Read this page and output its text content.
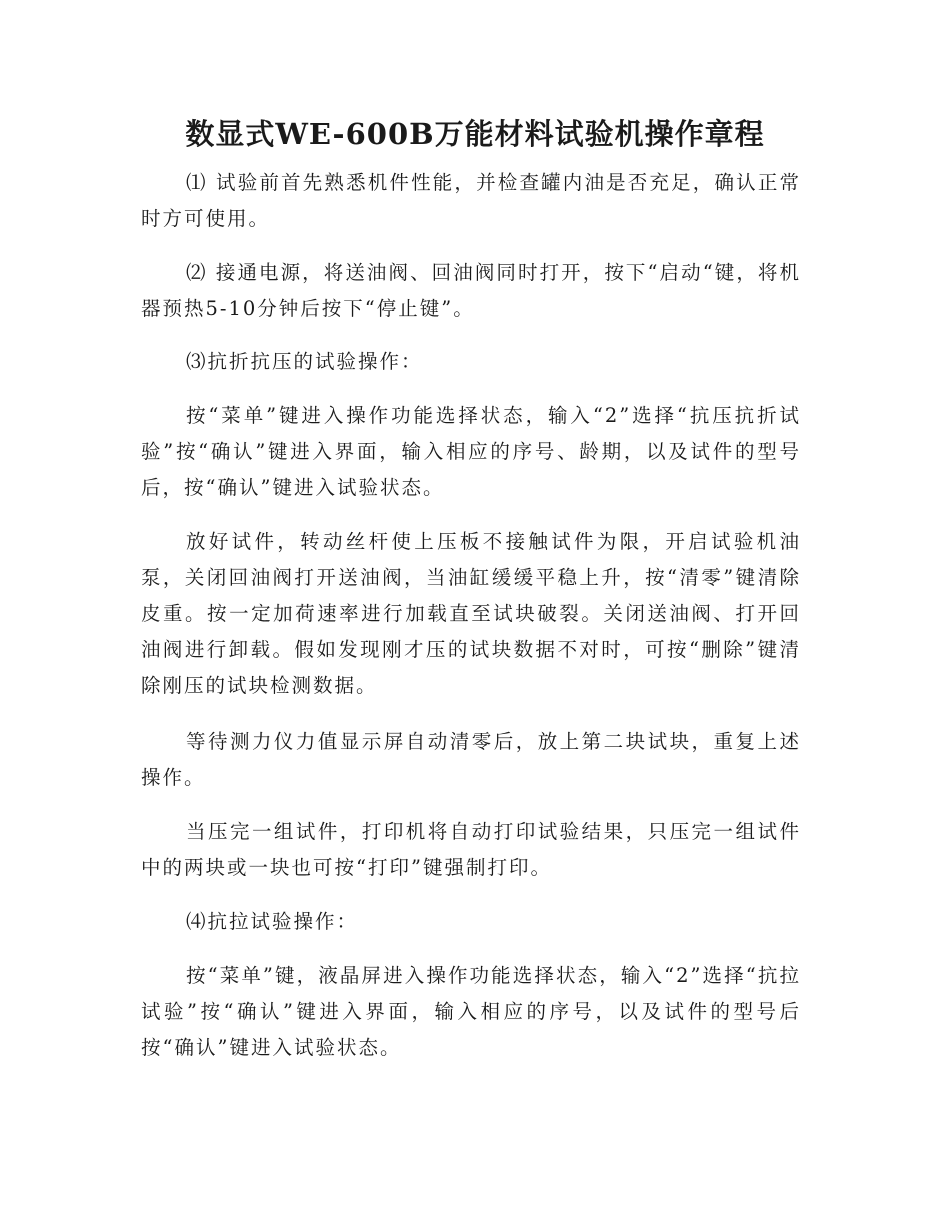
数显式WE-600B万能材料试验机操作章程
⑴ 试验前首先熟悉机件性能，并检查罐内油是否充足，确认正常时方可使用。
⑵ 接通电源，将送油阀、回油阀同时打开，按下“启动“键，将机器预热5-10分钟后按下“停止键”。
⑶抗折抗压的试验操作：
按“菜单”键进入操作功能选择状态，输入“2”选择“抗压抗折试验”按“确认”键进入界面，输入相应的序号、龄期，以及试件的型号后，按“确认”键进入试验状态。
放好试件，转动丝杆使上压板不接触试件为限，开启试验机油泵，关闭回油阀打开送油阀，当油缸缓缓平稳上升，按“清零”键清除皮重。按一定加荷速率进行加载直至试块破裂。关闭送油阀、打开回油阀进行卸载。假如发现刚才压的试块数据不对时，可按“删除”键清除刚压的试块检测数据。
等待测力仪力值显示屏自动清零后，放上第二块试块，重复上述操作。
当压完一组试件，打印机将自动打印试验结果，只压完一组试件中的两块或一块也可按“打印”键强制打印。
⑷抗拉试验操作：
按“菜单”键，液晶屏进入操作功能选择状态，输入“2”选择“抗拉试验”按“确认”键进入界面，输入相应的序号，以及试件的型号后按“确认”键进入试验状态。
